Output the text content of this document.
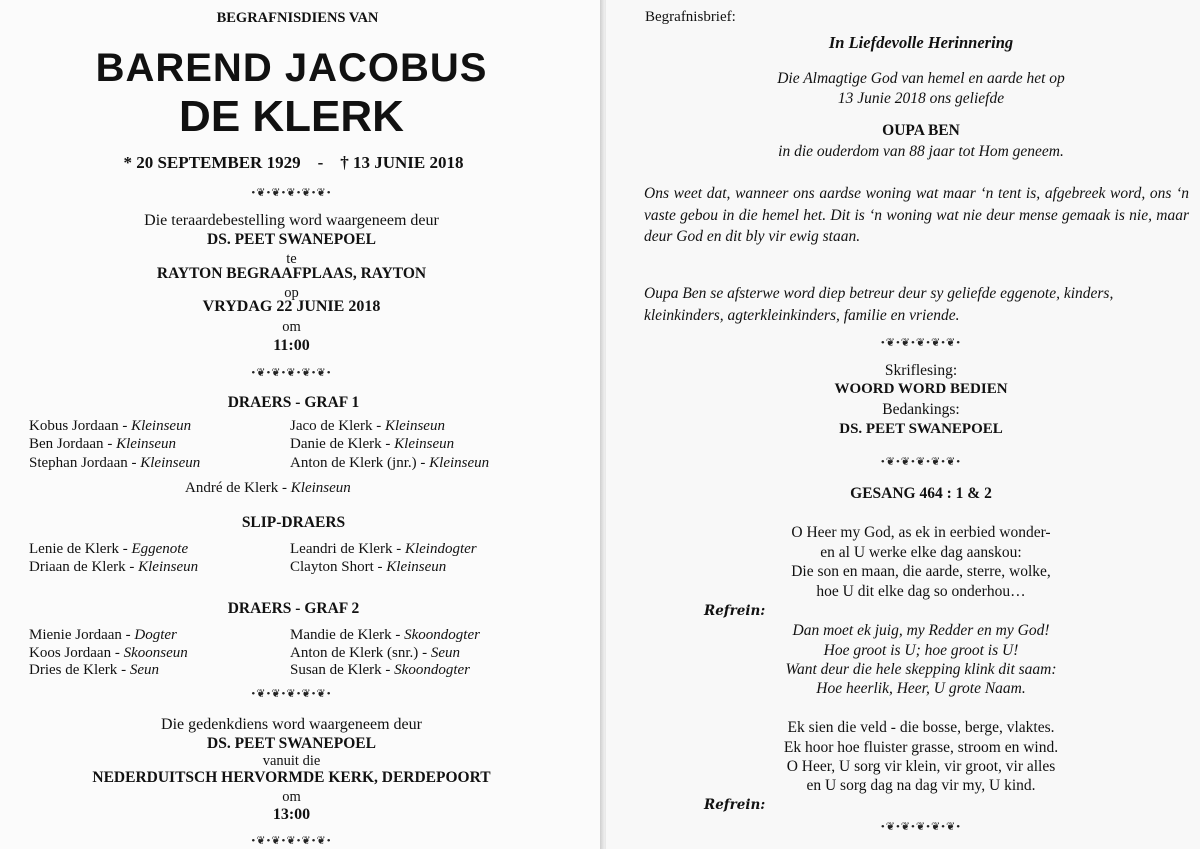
BEGRAFNISDIENS VAN
BAREND JACOBUS
DE KLERK
* 20 SEPTEMBER 1929 - † 13 JUNIE 2018
•❦•❦•❦•❦•❦•
Die teraardebestelling word waargeneem deur
DS. PEET SWANEPOEL
te
RAYTON BEGRAAFPLAAS, RAYTON
op
VRYDAG 22 JUNIE 2018
om
11:00
•❦•❦•❦•❦•❦•
DRAERS - GRAF 1
Kobus Jordaan - Kleinseun
Ben Jordaan - Kleinseun
Stephan Jordaan - Kleinseun
Jaco de Klerk - Kleinseun
Danie de Klerk - Kleinseun
Anton de Klerk (jnr.) - Kleinseun
André de Klerk - Kleinseun
SLIP-DRAERS
Lenie de Klerk - Eggenote
Driaan de Klerk - Kleinseun
Leandri de Klerk - Kleindogter
Clayton Short - Kleinseun
DRAERS - GRAF 2
Mienie Jordaan - Dogter
Koos Jordaan - Skoonseun
Dries de Klerk - Seun
Mandie de Klerk - Skoondogter
Anton de Klerk (snr.) - Seun
Susan de Klerk - Skoondogter
•❦•❦•❦•❦•❦•
Die gedenkdiens word waargeneem deur
DS. PEET SWANEPOEL
vanuit die
NEDERDUITSCH HERVORMDE KERK, DERDEPOORT
om
13:00
•❦•❦•❦•❦•❦•
Begrafnisbrief:
In Liefdevolle Herinnering
Die Almagtige God van hemel en aarde het op
13 Junie 2018 ons geliefde
OUPA BEN
in die ouderdom van 88 jaar tot Hom geneem.
Ons weet dat, wanneer ons aardse woning wat maar ‘n tent is, afgebreek word, ons ‘n vaste gebou in die hemel het. Dit is ‘n woning wat nie deur mense gemaak is nie, maar deur God en dit bly vir ewig staan.
Oupa Ben se afsterwe word diep betreur deur sy geliefde eggenote, kinders, kleinkinders, agterkleinkinders, familie en vriende.
•❦•❦•❦•❦•❦•
Skriflesing:
WOORD WORD BEDIEN
Bedankings:
DS. PEET SWANEPOEL
•❦•❦•❦•❦•❦•
GESANG 464 : 1 & 2
O Heer my God, as ek in eerbied wonder-
en al U werke elke dag aanskou:
Die son en maan, die aarde, sterre, wolke,
hoe U dit elke dag so onderhou…
Refrein:
Dan moet ek juig, my Redder en my God!
Hoe groot is U; hoe groot is U!
Want deur die hele skepping klink dit saam:
Hoe heerlik, Heer, U grote Naam.
Ek sien die veld - die bosse, berge, vlaktes.
Ek hoor hoe fluister grasse, stroom en wind.
O Heer, U sorg vir klein, vir groot, vir alles
en U sorg dag na dag vir my, U kind.
Refrein:
•❦•❦•❦•❦•❦•
